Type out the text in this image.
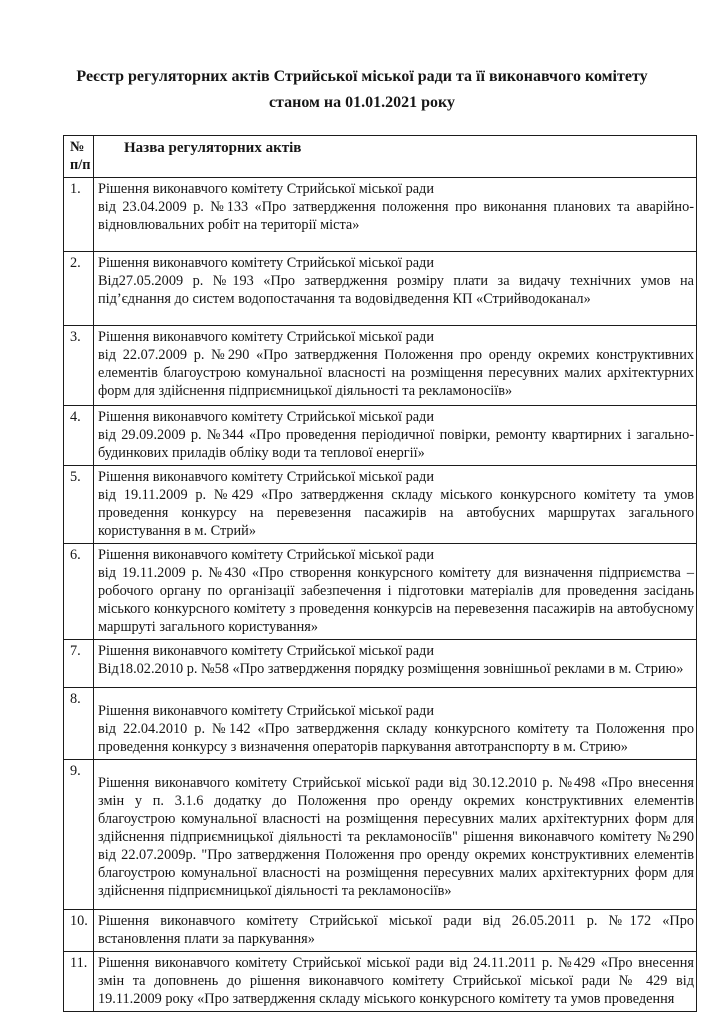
Реєстр регуляторних актів Стрийської міської ради та її виконавчого комітету
станом на 01.01.2021 року
№
п/п	Назва регуляторних актів
1.	Рішення виконавчого комітету Стрийської міської ради

від 23.04.2009 р. №133 «Про затвердження положення про виконання планових та аварійно-відновлювальних робіт на території міста»

2.	Рішення виконавчого комітету Стрийської міської ради

Від27.05.2009 р. №193 «Про затвердження розміру плати за видачу технічних умов на під’єднання до систем водопостачання та водовідведення КП «Стрийводоканал»

3.	Рішення виконавчого комітету Стрийської міської ради

від 22.07.2009 р. №290 «Про затвердження Положення про оренду окремих конструктивних елементів благоустрою комунальної власності на розміщення пересувних малих архітектурних форм для здійснення підприємницької діяльності та рекламоносіїв»

4.	Рішення виконавчого комітету Стрийської міської ради

від 29.09.2009 р. №344 «Про проведення періодичної повірки, ремонту квартирних і загально-будинкових приладів обліку води та теплової енергії»

5.	Рішення виконавчого комітету Стрийської міської ради

від 19.11.2009 р. №429 «Про затвердження складу міського конкурсного комітету та умов проведення конкурсу на перевезення пасажирів на автобусних маршрутах загального користування в м. Стрий»

6.	Рішення виконавчого комітету Стрийської міської ради

від 19.11.2009 р. №430 «Про створення конкурсного комітету для визначення підприємства – робочого органу по організації забезпечення і підготовки матеріалів для проведення засідань міського конкурсного комітету з проведення конкурсів на перевезення пасажирів на автобусному маршруті загального користування»

7.	Рішення виконавчого комітету Стрийської міської ради

Від18.02.2010 р. №58 «Про затвердження порядку розміщення зовнішньої реклами в м. Стрию»

8.	Рішення виконавчого комітету Стрийської міської ради

від 22.04.2010 р. №142 «Про затвердження складу конкурсного комітету та Положення про проведення конкурсу з визначення операторів паркування автотранспорту в м. Стрию»

9.	Рішення виконавчого комітету Стрийської міської ради від 30.12.2010 р. №498 «Про внесення змін у п. 3.1.6 додатку до Положення про оренду окремих конструктивних елементів благоустрою комунальної власності на розміщення пересувних малих архітектурних форм для здійснення підприємницької діяльності та рекламоносіїв" рішення виконавчого комітету №290 від 22.07.2009р. "Про затвердження Положення про оренду окремих конструктивних елементів благоустрою комунальної власності на розміщення пересувних малих архітектурних форм для здійснення підприємницької діяльності та рекламоносіїв»

10.	Рішення виконавчого комітету Стрийської міської ради від 26.05.2011 р. №172 «Про встановлення плати за паркування»

11.	Рішення виконавчого комітету Стрийської міської ради від 24.11.2011 р. №429 «Про внесення змін та доповнень до рішення виконавчого комітету Стрийської міської ради № 429 від 19.11.2009 року «Про затвердження складу міського конкурсного комітету та умов проведення
